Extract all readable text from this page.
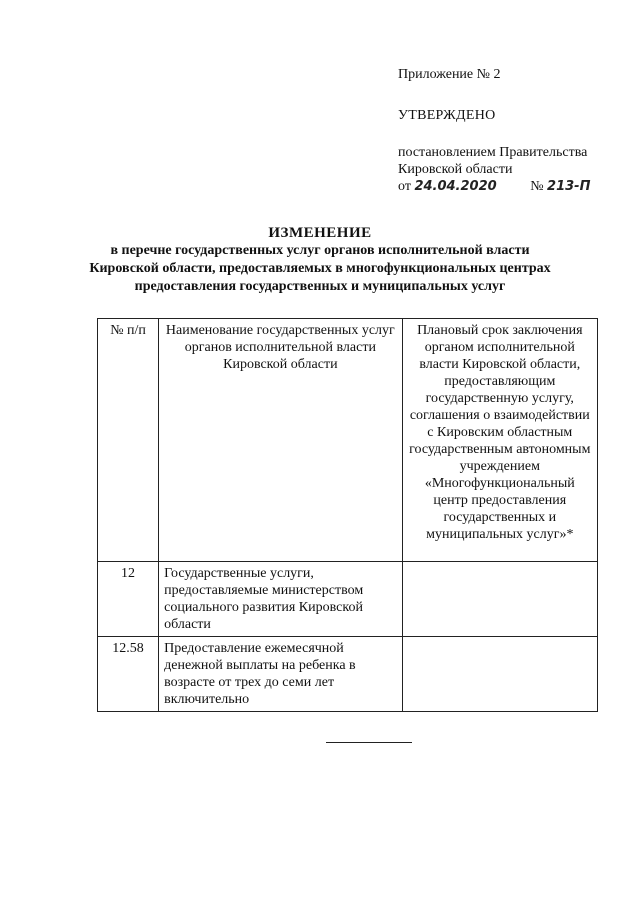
Приложение № 2
УТВЕРЖДЕНО
постановлением Правительства
Кировской области
от 24.04.2020 № 213-П
ИЗМЕНЕНИЕ
в перечне государственных услуг органов исполнительной власти
Кировской области, предоставляемых в многофункциональных центрах
предоставления государственных и муниципальных услуг
№ п/п	Наименование государственных услуг органов исполнительной власти Кировской области	Плановый срок заключения органом исполнительной власти Кировской области, предоставляющим государственную услугу, соглашения о взаимодействии с Кировским областным государственным автономным учреждением «Многофункциональный центр предоставления государственных и муниципальных услуг»*
12	Государственные услуги, предоставляемые министерством социального развития Кировской области	
12.58	Предоставление ежемесячной денежной выплаты на ребенка в возрасте от трех до семи лет включительно	
